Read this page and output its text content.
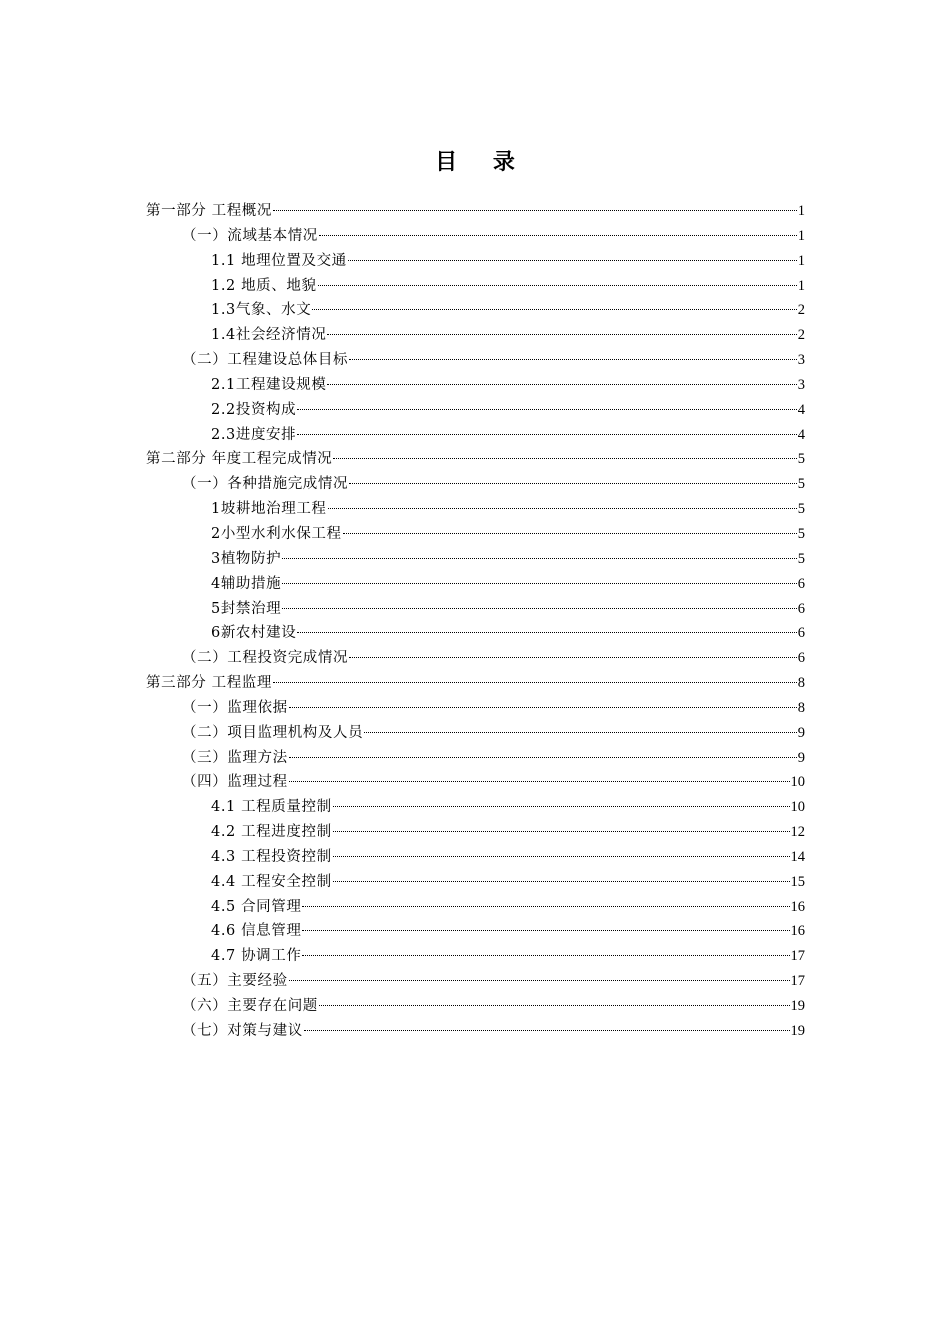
目 录
第一部分 工程概况	1
（一）流域基本情况	1
1.1 地理位置及交通	1
1.2 地质、地貌	1
1.3气象、水文	2
1.4社会经济情况	2
（二）工程建设总体目标	3
2.1工程建设规模	3
2.2投资构成	4
2.3进度安排	4
第二部分 年度工程完成情况	5
（一）各种措施完成情况	5
1坡耕地治理工程	5
2小型水利水保工程	5
3植物防护	5
4辅助措施	6
5封禁治理	6
6新农村建设	6
（二）工程投资完成情况	6
第三部分 工程监理	8
（一）监理依据	8
（二）项目监理机构及人员	9
（三）监理方法	9
（四）监理过程	10
4.1 工程质量控制	10
4.2 工程进度控制	12
4.3 工程投资控制	14
4.4 工程安全控制	15
4.5 合同管理	16
4.6 信息管理	16
4.7 协调工作	17
（五）主要经验	17
（六）主要存在问题	19
（七）对策与建议	19
